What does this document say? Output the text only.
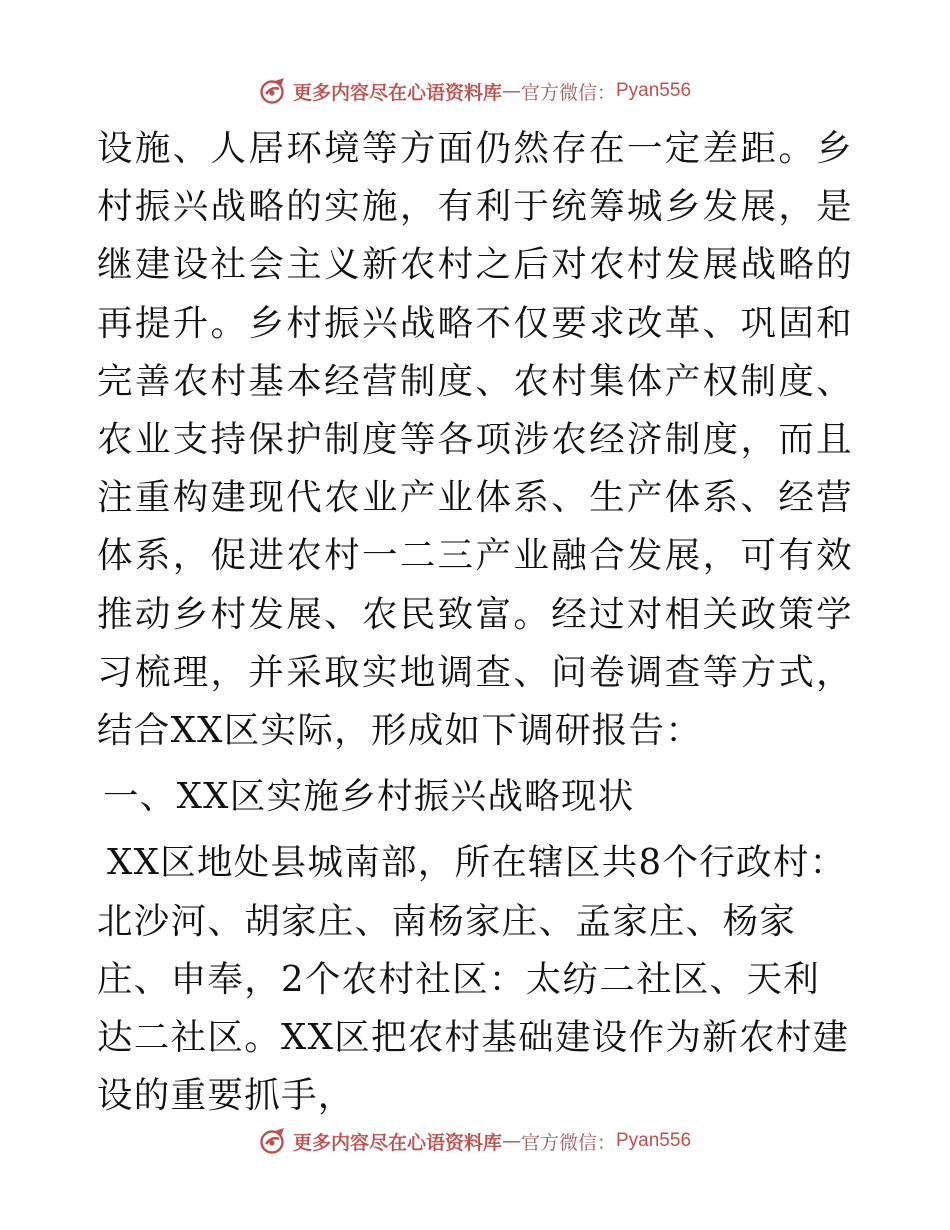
更多内容尽在心语资料库 — 官方微信： Pyan556

设施、人居环境等方面仍然存在一定差距。乡村振兴战略的实施，有利于统筹城乡发展，是继建设社会主义新农村之后对农村发展战略的再提升。乡村振兴战略不仅要求改革、巩固和完善农村基本经营制度、农村集体产权制度、农业支持保护制度等各项涉农经济制度，而且注重构建现代农业产业体系、生产体系、经营体系，促进农村一二三产业融合发展，可有效推动乡村发展、农民致富。经过对相关政策学习梳理，并采取实地调查、问卷调查等方式，结合XX区实际，形成如下调研报告：

一、XX区实施乡村振兴战略现状

XX区地处县城南部，所在辖区共8个行政村：北沙河、胡家庄、南杨家庄、孟家庄、杨家庄、申奉，2个农村社区：太纺二社区、天利达二社区。XX区把农村基础建设作为新农村建设的重要抓手，

更多内容尽在心语资料库 — 官方微信： Pyan556
